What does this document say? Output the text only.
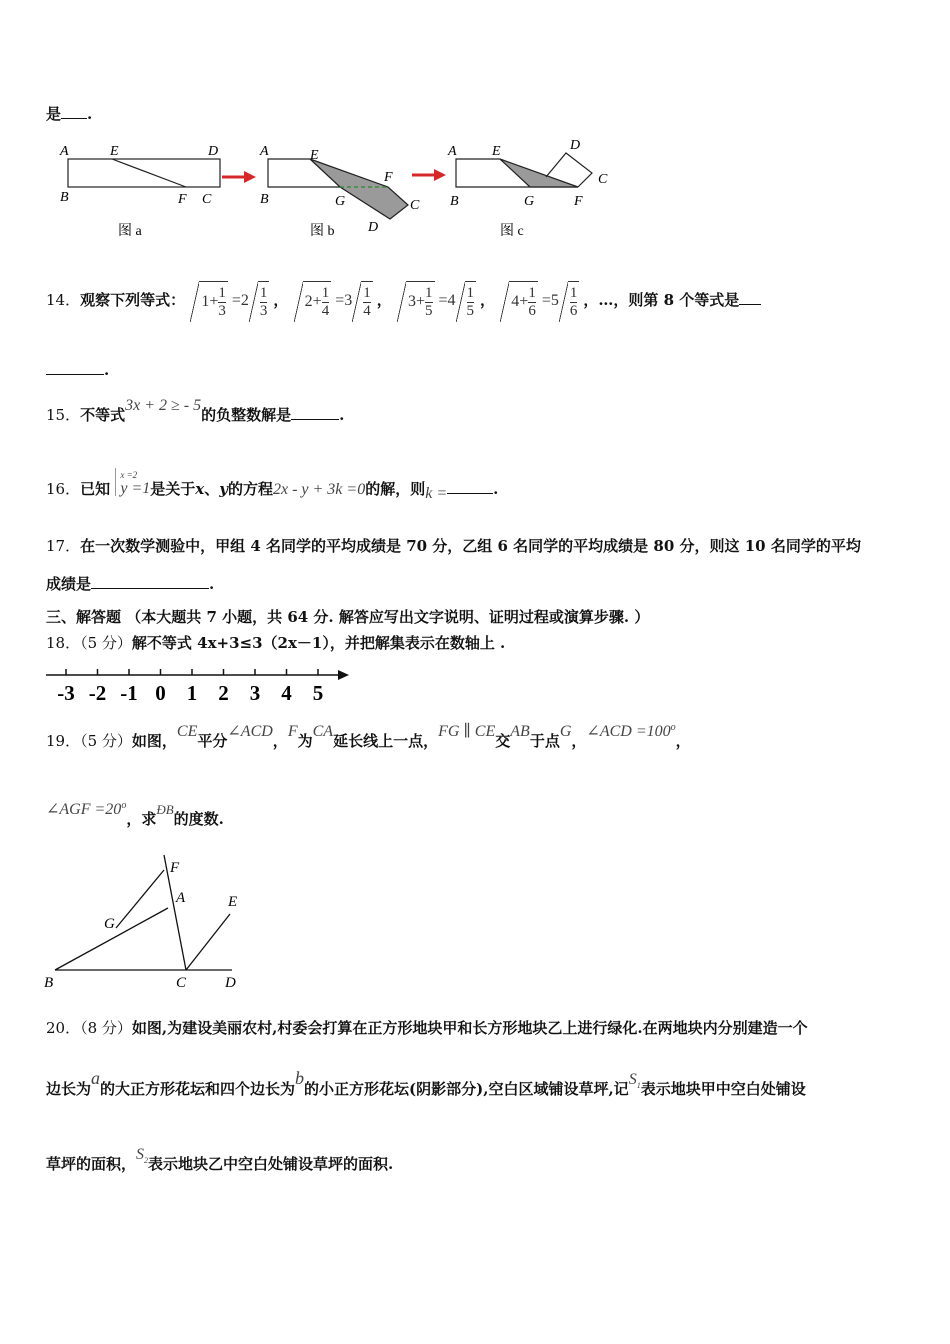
是 .
A	E	D
B	F C
图 a
A	E
F
B	G	C
D
图 b
A	E	D
C
B	G	F
图 c
14．观察下列等式： $1+ \frac{1}{3} =2 \frac{1}{3}$ ， $2+ \frac{1}{4} =3 \frac{1}{4}$ ， $3+ \frac{1}{5} =4 \frac{1}{5}$ ， $4+ \frac{1}{6} =5 \frac{1}{6}$ ，…，则第 8 个等式是
.
15．不等式3x + 2 ≥ - 5的负整数解是	.
16．已知
x =2
y =1 是关于x、y的方程2x - y + 3k =0的解，则k =	.
17．在一次数学测验中，甲组 4 名同学的平均成绩是 70 分，乙组 6 名同学的平均成绩是 80 分，则这 10 名同学的平均
成绩是	.
三、解答题 （本大题共 7 小题，共 64 分. 解答应写出文字说明、证明过程或演算步骤. ）
18．（5 分）解不等式 4x+3≤3（2x－1），并把解集表示在数轴上 .
-3 -2 -1 0 1 2 3 4 5
19．（5 分）如图，CE平分∠ACD，F为CA延长线上一点，FG ∥ CE交AB于点G，∠ACD $=100^o$，
∠AGF $=20^o$，求ÐB的度数.
F
A
G
E
B	C	D
20．（8 分）如图,为建设美丽农村,村委会打算在正方形地块甲和长方形地块乙上进行绿化.在两地块内分别建造一个
边长为a的大正方形花坛和四个边长为b的小正方形花坛(阴影部分),空白区域铺设草坪,记$S^1$表示地块甲中空白处铺设
草坪的面积，$S^2$表示地块乙中空白处铺设草坪的面积.
